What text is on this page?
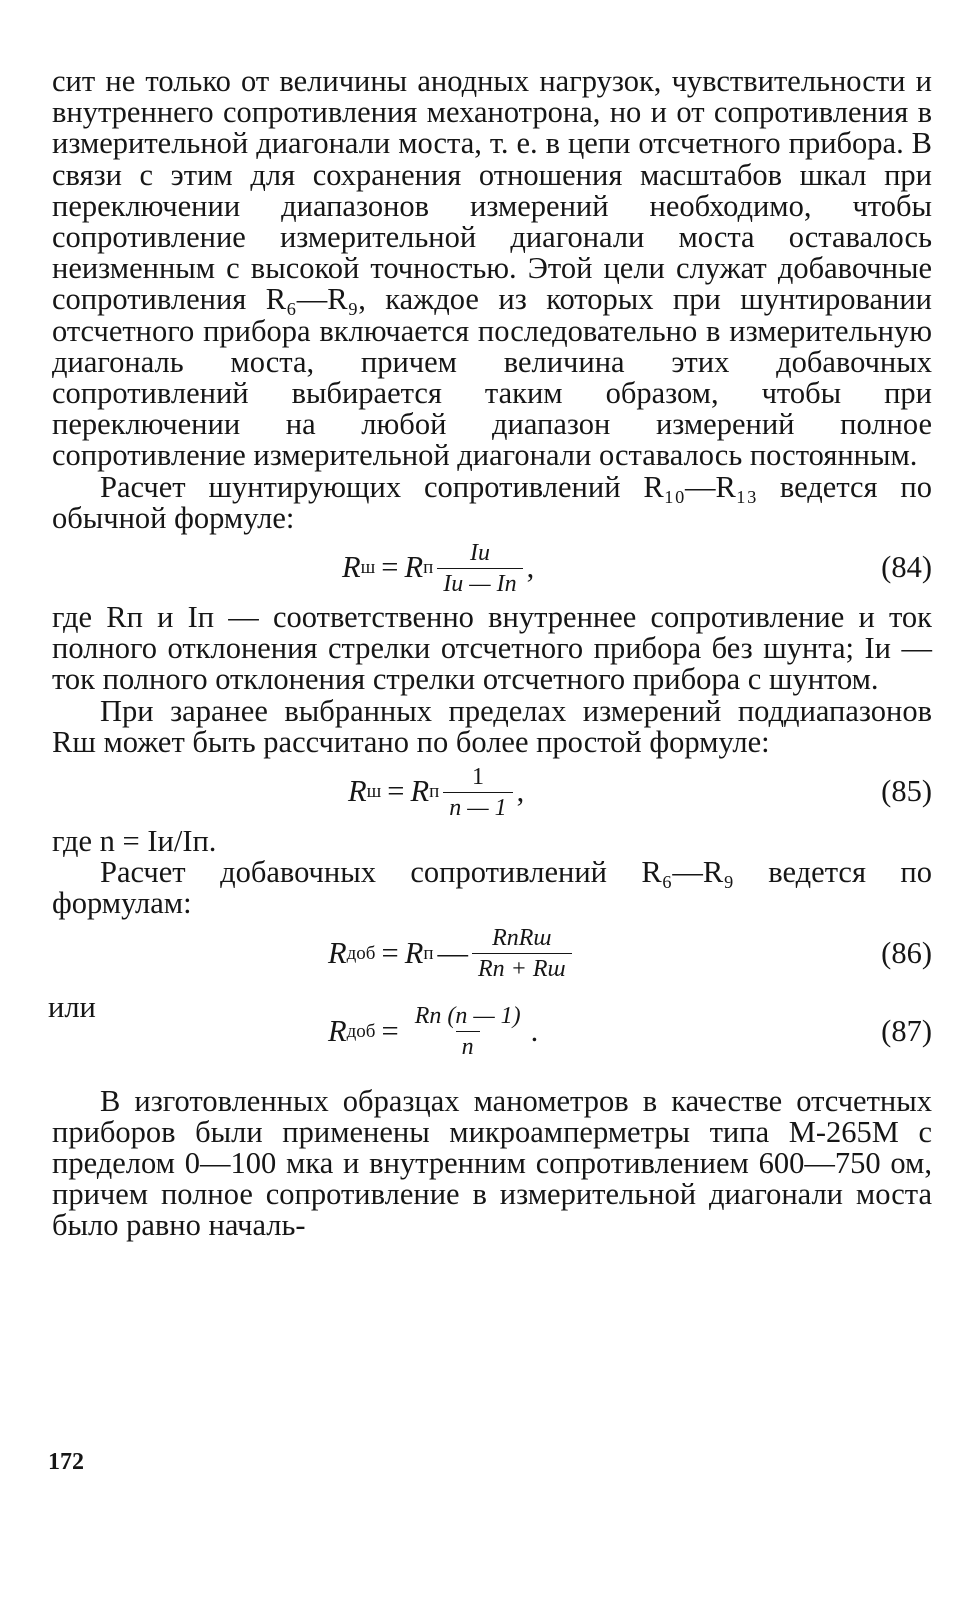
сит не только от величины анодных нагрузок, чувствительности и внутреннего сопротивления механотрона, но и от сопротивления в измерительной диагонали моста, т. е. в цепи отсчетного прибора. В связи с этим для сохранения отношения масштабов шкал при переключении диапазонов измерений необходимо, чтобы сопротивление измерительной диагонали моста оставалось неизменным с высокой точностью. Этой цели служат добавочные сопротивления R₆—R₉, каждое из которых при шунтировании отсчетного прибора включается последовательно в измерительную диагональ моста, причем величина этих добавочных сопротивлений выбирается таким образом, чтобы при переключении на любой диапазон измерений полное сопротивление измерительной диагонали оставалось постоянным.

Расчет шунтирующих сопротивлений R₁₀—R₁₃ ведется по обычной формуле:

R ш = R п $\frac{Iи}{Iи — Iп}$ ,	(84)

где Rп и Iп — соответственно внутреннее сопротивление и ток полного отклонения стрелки отсчетного прибора без шунта; Iи — ток полного отклонения стрелки отсчетного прибора с шунтом.

При заранее выбранных пределах измерений поддиапазонов Rш может быть рассчитано по более простой формуле:

R ш = R п $\frac{1}{n — 1}$ ,	(85)

где n = Iи/Iп.

Расчет добавочных сопротивлений R₆—R₉ ведется по формулам:

R доб = R п — $\frac{\text{RпRш}}{Rп + Rш}$	(86)
или
R доб = $\frac{Rп (n — 1)}{n}$ .	(87)

В изготовленных образцах манометров в качестве отсчетных приборов были применены микроамперметры типа М-265М с пределом 0—100 мка и внутренним сопротивлением 600—750 ом, причем полное сопротивление в измерительной диагонали моста было равно началь-

172
